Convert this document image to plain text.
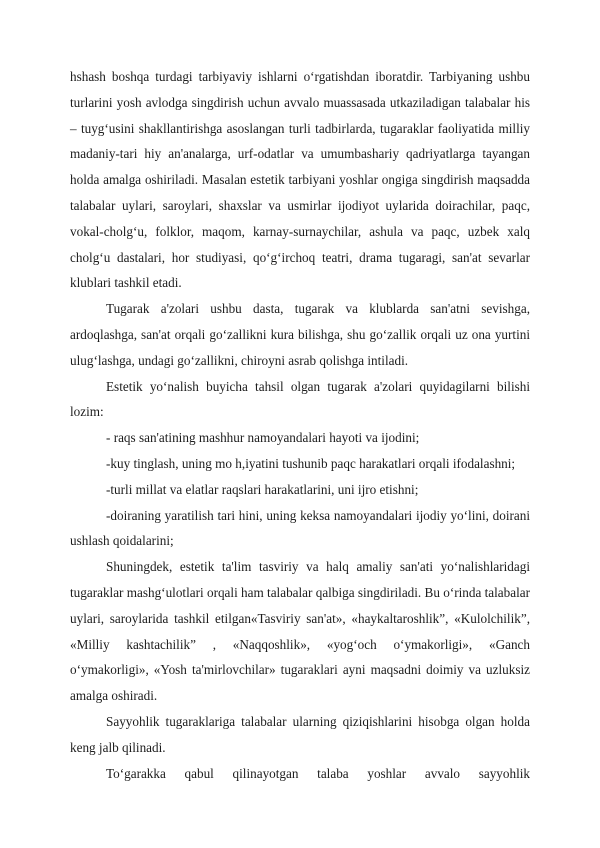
hshash boshqa turdagi tarbiyaviy ishlarni o‘rgatishdan iboratdir. Tarbiyaning ushbu turlarini yosh avlodga singdirish uchun avvalo muassasada utkaziladigan talabalar his – tuyg‘usini shakllantirishga asoslangan turli tadbirlarda, tugaraklar faoliyatida milliy madaniy-tari hiy an'analarga, urf-odatlar va umumbashariy qadriyatlarga tayangan holda amalga oshiriladi. Masalan estetik tarbiyani yoshlar ongiga singdirish maqsadda talabalar uylari, saroylari, shaxslar va usmirlar ijodiyot uylarida doirachilar, paqc, vokal-cholg‘u, folklor, maqom, karnay-surnaychilar, ashula va paqc, uzbek xalq cholg‘u dastalari, hor studiyasi, qo‘g‘irchoq teatri, drama tugaragi, san'at sevarlar klublari tashkil etadi.

Tugarak a'zolari ushbu dasta, tugarak va klublarda san'atni sevishga, ardoqlashga, san'at orqali go‘zallikni kura bilishga, shu go‘zallik orqali uz ona yurtini ulug‘lashga, undagi go‘zallikni, chiroyni asrab qolishga intiladi.

Estetik yo‘nalish buyicha tahsil olgan tugarak a'zolari quyidagilarni bilishi lozim:

- raqs san'atining mashhur namoyandalari hayoti va ijodini;

-kuy tinglash, uning mo h,iyatini tushunib paqc harakatlari orqali ifodalashni;

-turli millat va elatlar raqslari harakatlarini, uni ijro etishni;

-doiraning yaratilish tari hini, uning keksa namoyandalari ijodiy yo‘lini, doirani ushlash qoidalarini;

Shuningdek, estetik ta'lim tasviriy va halq amaliy san'ati yo‘nalishlaridagi tugaraklar mashg‘ulotlari orqali ham talabalar qalbiga singdiriladi. Bu o‘rinda talabalar uylari, saroylarida tashkil etilgan«Tasviriy san'at», «haykaltaroshlik”, «Kulolchilik”, «Milliy kashtachilik” , «Naqqoshlik», «yog‘och o‘ymakorligi», «Ganch o‘ymakorligi», «Yosh ta'mirlovchilar» tugaraklari ayni maqsadni doimiy va uzluksiz amalga oshiradi.

Sayyohlik tugaraklariga talabalar ularning qiziqishlarini hisobga olgan holda keng jalb qilinadi.

To‘garakka qabul qilinayotgan talaba yoshlar avvalo sayyohlik
